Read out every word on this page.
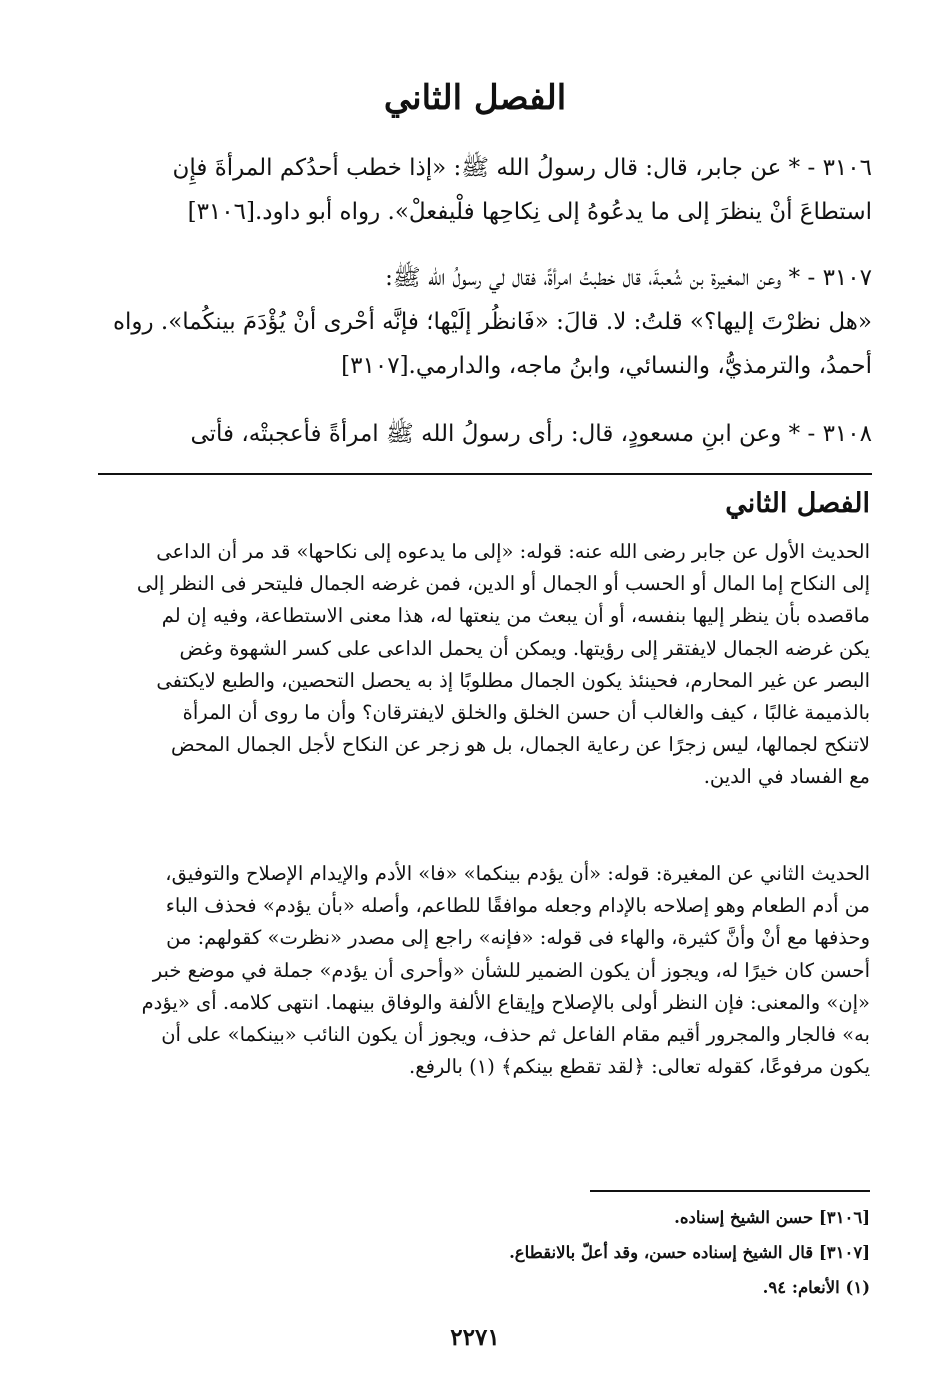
الفصل الثاني
٣١٠٦ - * عن جابر، قال: قال رسولُ الله ﷺ: «إذا خطب أحدُكم المرأةَ فإِن
استطاعَ أنْ ينظرَ إلى ما يدعُوهُ إلى نِكاحِها فلْيفعلْ». رواه أبو داود.[٣١٠٦]
٣١٠٧ - * وعن المغيرة بن شُعبةَ، قال خطبتُ امرأةً، فقال لي رسولُ الله ﷺ:
«هل نظرْتَ إليها؟» قلتُ: لا. قالَ: «فَانظُر إلَيْها؛ فإنَّه أحْرى أنْ يُؤْدَمَ بينكُما». رواه
أحمدُ، والترمذيُّ، والنسائي، وابنُ ماجه، والدارمي.[٣١٠٧]
٣١٠٨ - * وعن ابنِ مسعودٍ، قال: رأى رسولُ الله ﷺ امرأةً فأعجبتْه، فأتى
الفصل الثاني
الحديث الأول عن جابر رضى الله عنه: قوله: «إلى ما يدعوه إلى نكاحها» قد مر أن الداعى
إلى النكاح إما المال أو الحسب أو الجمال أو الدين، فمن غرضه الجمال فليتحر فى النظر إلى
ماقصده بأن ينظر إليها بنفسه، أو أن يبعث من ينعتها له، هذا معنى الاستطاعة، وفيه إن لم
يكن غرضه الجمال لايفتقر إلى رؤيتها. ويمكن أن يحمل الداعى على كسر الشهوة وغض
البصر عن غير المحارم، فحينئذ يكون الجمال مطلوبًا إذ به يحصل التحصين، والطبع لايكتفى
بالذميمة غالبًا ، كيف والغالب أن حسن الخلق والخلق لايفترقان؟ وأن ما روى أن المرأة
لاتنكح لجمالها، ليس زجرًا عن رعاية الجمال، بل هو زجر عن النكاح لأجل الجمال المحض
مع الفساد في الدين.
الحديث الثاني عن المغيرة: قوله: «أن يؤدم بينكما» «فا» الأدم والإيدام الإصلاح والتوفيق،
من أدم الطعام وهو إصلاحه بالإدام وجعله موافقًا للطاعم، وأصله «بأن يؤدم» فحذف الباء
وحذفها مع أنْ وأنَّ كثيرة، والهاء فى قوله: «فإنه» راجع إلى مصدر «نظرت» كقولهم: من
أحسن كان خيرًا له، ويجوز أن يكون الضمير للشأن «وأحرى أن يؤدم» جملة في موضع خبر
«إن» والمعنى: فإن النظر أولى بالإصلاح وإيقاع الألفة والوفاق بينهما. انتهى كلامه. أى «يؤدم
به» فالجار والمجرور أقيم مقام الفاعل ثم حذف، ويجوز أن يكون النائب «بينكما» على أن
يكون مرفوعًا، كقوله تعالى: ﴿لقد تقطع بينكم﴾ (١) بالرفع.
[٣١٠٦] حسن الشيخ إسناده.
[٣١٠٧] قال الشيخ إسناده حسن، وقد أعلّ بالانقطاع.
(١) الأنعام: ٩٤.
٢٢٧١
